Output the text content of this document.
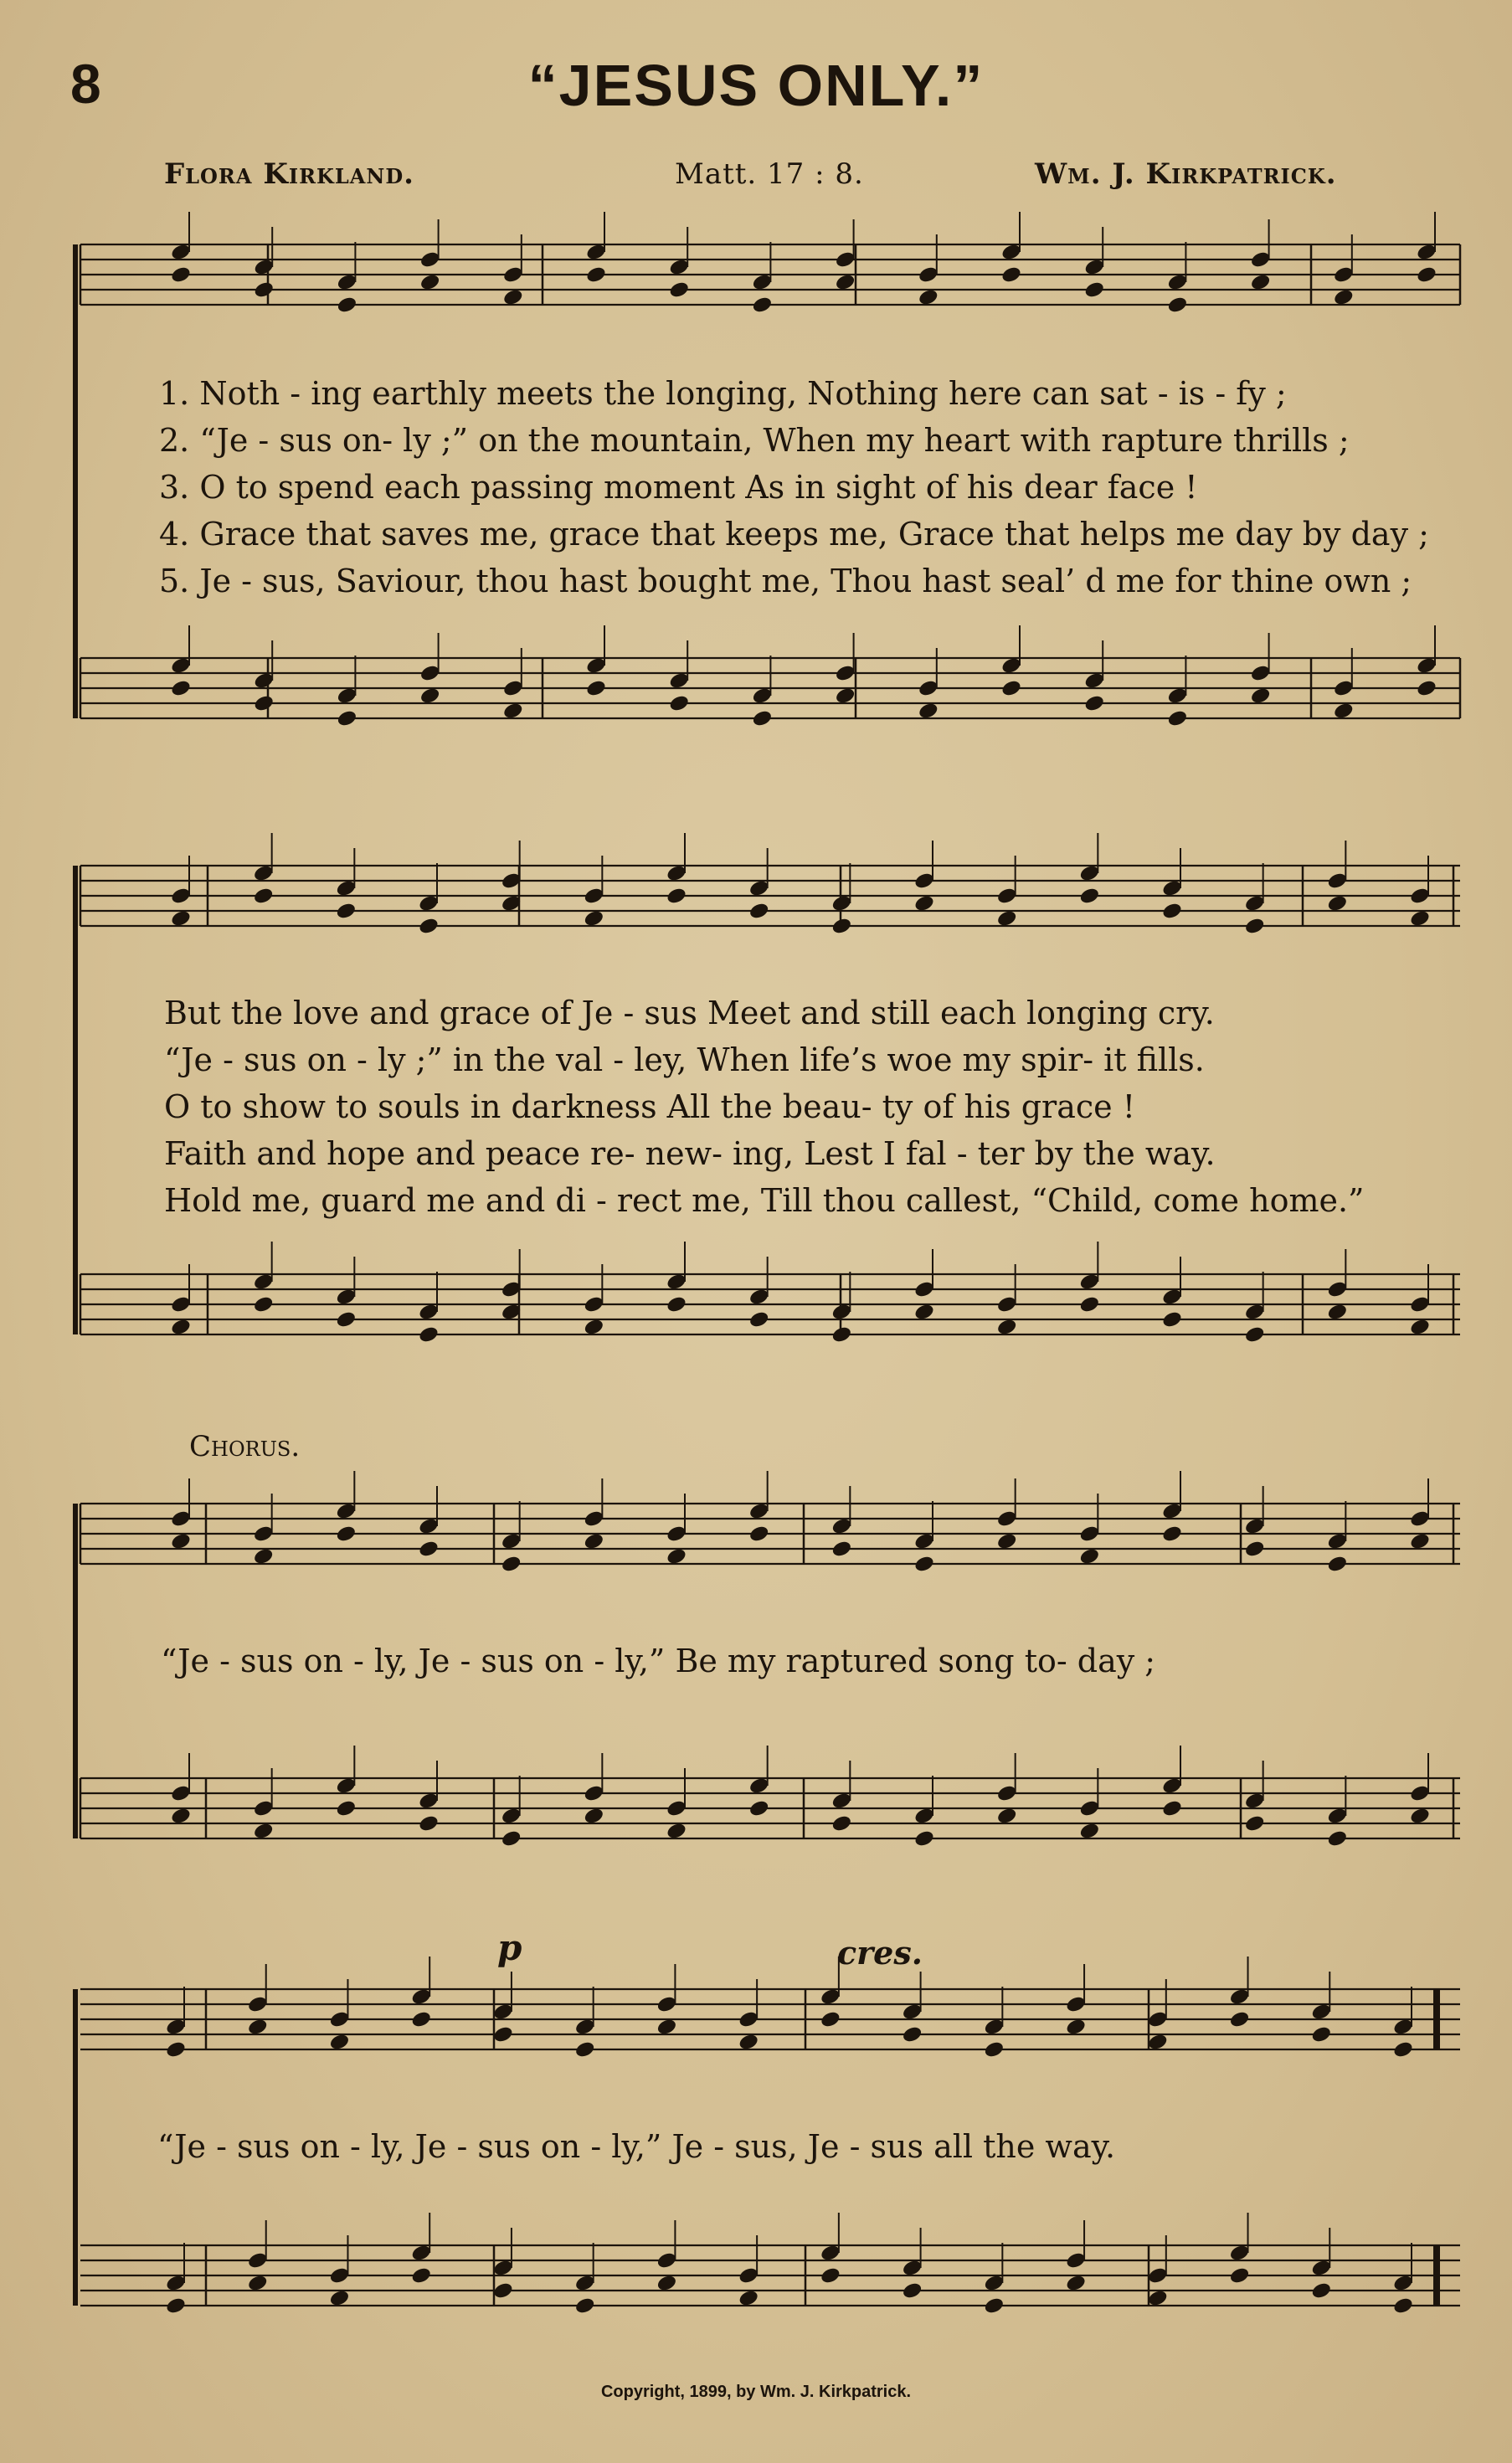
8	“JESUS ONLY.”
Flora Kirkland.	Matt. 17 : 8.	Wm. J. Kirkpatrick.
1. Noth - ing earthly meets the longing, Nothing here can sat - is - fy ;
2. “Je - sus on- ly ;” on the mountain, When my heart with rapture thrills ;
3. O to spend each passing moment As in sight of his dear face !
4. Grace that saves me, grace that keeps me, Grace that helps me day by day ;
5. Je - sus, Saviour, thou hast bought me, Thou hast seal’ d me for thine own ;
But the love and grace of Je - sus Meet and still each longing cry.
“Je - sus on - ly ;” in the val - ley, When life’s woe my spir- it fills.
O to show to souls in darkness All the beau- ty of his grace !
Faith and hope and peace re- new- ing, Lest I fal - ter by the way.
Hold me, guard me and di - rect me, Till thou callest, “Child, come home.”
Chorus.
“Je - sus on - ly, Je - sus on - ly,” Be my raptured song to- day ;
“Je - sus on - ly, Je - sus on - ly,” Je - sus, Je - sus all the way.
p	cres.
Copyright, 1899, by Wm. J. Kirkpatrick.
